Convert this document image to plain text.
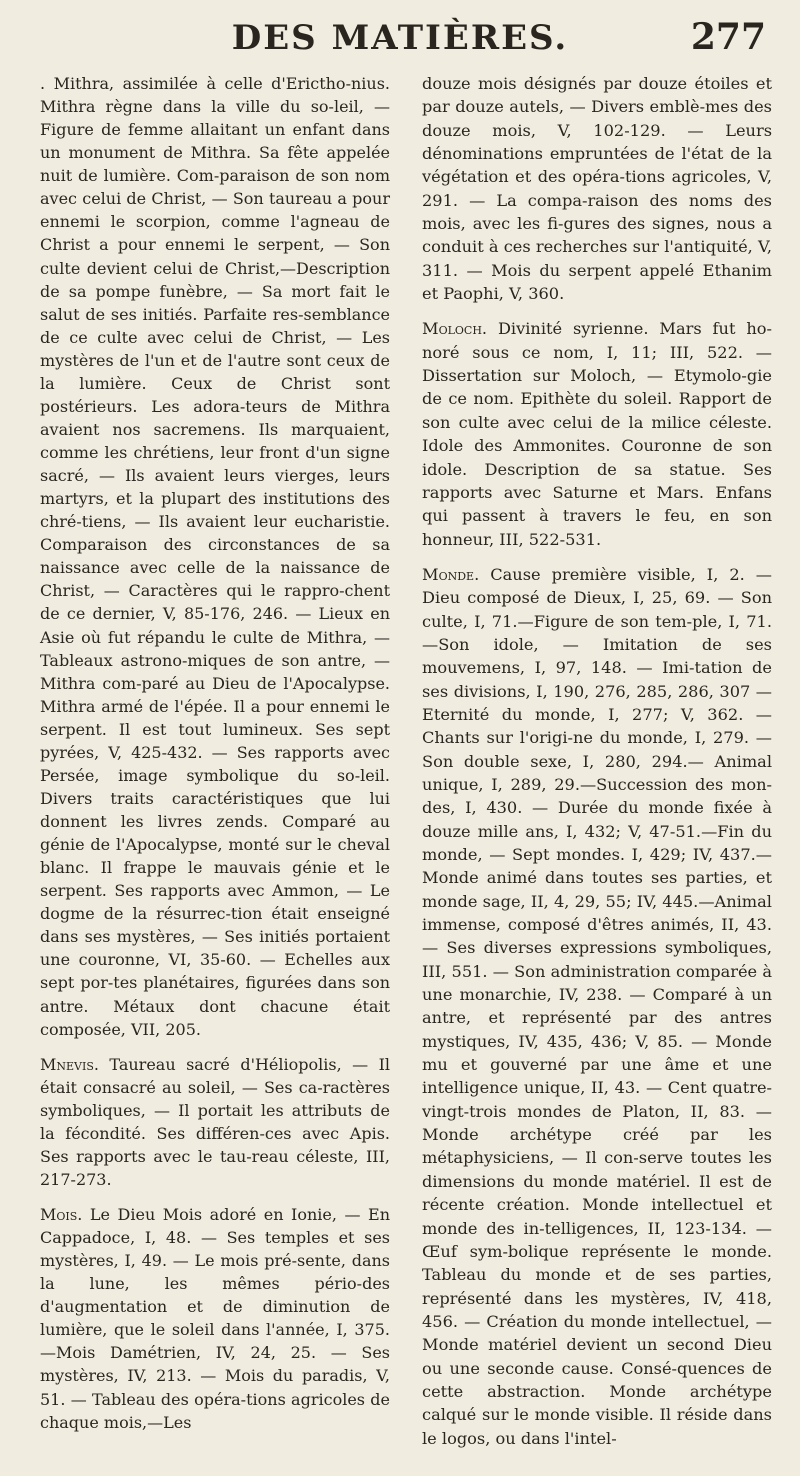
DES MATIÈRES.	277

. Mithra, assimilée à celle d'Erictho-nius. Mithra règne dans la ville du so-leil, — Figure de femme allaitant un enfant dans un monument de Mithra. Sa fête appelée nuit de lumière. Com-paraison de son nom avec celui de Christ, — Son taureau a pour ennemi le scorpion, comme l'agneau de Christ a pour ennemi le serpent, — Son culte devient celui de Christ,—Description de sa pompe funèbre, — Sa mort fait le salut de ses initiés. Parfaite res-semblance de ce culte avec celui de Christ, — Les mystères de l'un et de l'autre sont ceux de la lumière. Ceux de Christ sont postérieurs. Les adora-teurs de Mithra avaient nos sacremens. Ils marquaient, comme les chrétiens, leur front d'un signe sacré, — Ils avaient leurs vierges, leurs martyrs, et la plupart des institutions des chré-tiens, — Ils avaient leur eucharistie. Comparaison des circonstances de sa naissance avec celle de la naissance de Christ, — Caractères qui le rappro-chent de ce dernier, V, 85-176, 246. — Lieux en Asie où fut répandu le culte de Mithra, — Tableaux astrono-miques de son antre, — Mithra com-paré au Dieu de l'Apocalypse. Mithra armé de l'épée. Il a pour ennemi le serpent. Il est tout lumineux. Ses sept pyrées, V, 425-432. — Ses rapports avec Persée, image symbolique du so-leil. Divers traits caractéristiques que lui donnent les livres zends. Comparé au génie de l'Apocalypse, monté sur le cheval blanc. Il frappe le mauvais génie et le serpent. Ses rapports avec Ammon, — Le dogme de la résurrec-tion était enseigné dans ses mystères, — Ses initiés portaient une couronne, VI, 35-60. — Echelles aux sept por-tes planétaires, figurées dans son antre. Métaux dont chacune était composée, VII, 205.

Mnevis. Taureau sacré d'Héliopolis, — Il était consacré au soleil, — Ses ca-ractères symboliques, — Il portait les attributs de la fécondité. Ses différen-ces avec Apis. Ses rapports avec le tau-reau céleste, III, 217-273.

Mois. Le Dieu Mois adoré en Ionie, — En Cappadoce, I, 48. — Ses temples et ses mystères, I, 49. — Le mois pré-sente, dans la lune, les mêmes pério-des d'augmentation et de diminution de lumière, que le soleil dans l'année, I, 375.—Mois Damétrien, IV, 24, 25. — Ses mystères, IV, 213. — Mois du paradis, V, 51. — Tableau des opéra-tions agricoles de chaque mois,—Les

douze mois désignés par douze étoiles et par douze autels, — Divers emblè-mes des douze mois, V, 102-129. — Leurs dénominations empruntées de l'état de la végétation et des opéra-tions agricoles, V, 291. — La compa-raison des noms des mois, avec les fi-gures des signes, nous a conduit à ces recherches sur l'antiquité, V, 311. — Mois du serpent appelé Ethanim et Paophi, V, 360.

Moloch. Divinité syrienne. Mars fut ho-noré sous ce nom, I, 11; III, 522. — Dissertation sur Moloch, — Etymolo-gie de ce nom. Epithète du soleil. Rapport de son culte avec celui de la milice céleste. Idole des Ammonites. Couronne de son idole. Description de sa statue. Ses rapports avec Saturne et Mars. Enfans qui passent à travers le feu, en son honneur, III, 522-531.

Monde. Cause première visible, I, 2. — Dieu composé de Dieux, I, 25, 69. — Son culte, I, 71.—Figure de son tem-ple, I, 71.—Son idole, — Imitation de ses mouvemens, I, 97, 148. — Imi-tation de ses divisions, I, 190, 276, 285, 286, 307 — Eternité du monde, I, 277; V, 362. — Chants sur l'origi-ne du monde, I, 279. — Son double sexe, I, 280, 294.— Animal unique, I, 289, 29.—Succession des mon-des, I, 430. — Durée du monde fixée à douze mille ans, I, 432; V, 47-51.—Fin du monde, — Sept mondes. I, 429; IV, 437.— Monde animé dans toutes ses parties, et monde sage, II, 4, 29, 55; IV, 445.—Animal immense, composé d'êtres animés, II, 43. — Ses diverses expressions symboliques, III, 551. — Son administration comparée à une monarchie, IV, 238. — Comparé à un antre, et représenté par des antres mystiques, IV, 435, 436; V, 85. — Monde mu et gouverné par une âme et une intelligence unique, II, 43. — Cent quatre-vingt-trois mondes de Platon, II, 83. — Monde archétype créé par les métaphysiciens, — Il con-serve toutes les dimensions du monde matériel. Il est de récente création. Monde intellectuel et monde des in-telligences, II, 123-134. — Œuf sym-bolique représente le monde. Tableau du monde et de ses parties, représenté dans les mystères, IV, 418, 456. — Création du monde intellectuel, — Monde matériel devient un second Dieu ou une seconde cause. Consé-quences de cette abstraction. Monde archétype calqué sur le monde visible. Il réside dans le logos, ou dans l'intel-
